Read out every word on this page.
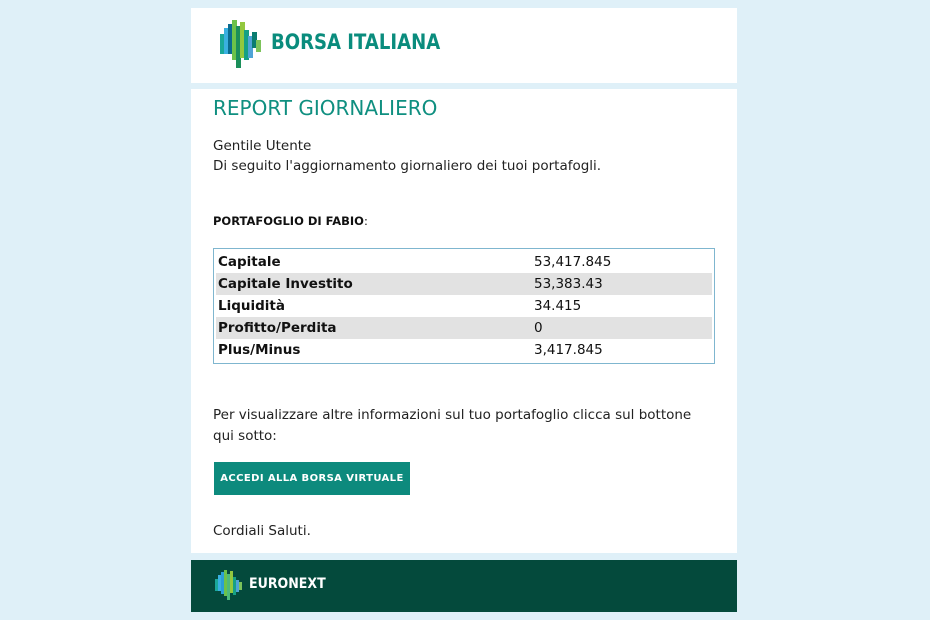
BORSA ITALIANA
REPORT GIORNALIERO
Gentile Utente
Di seguito l'aggiornamento giornaliero dei tuoi portafogli.
PORTAFOGLIO DI FABIO:
Capitale	53,417.845
Capitale Investito	53,383.43
Liquidità	34.415
Profitto/Perdita	0
Plus/Minus	3,417.845
Per visualizzare altre informazioni sul tuo portafoglio clicca sul bottone qui sotto:
ACCEDI ALLA BORSA VIRTUALE
Cordiali Saluti.
EURONEXT
